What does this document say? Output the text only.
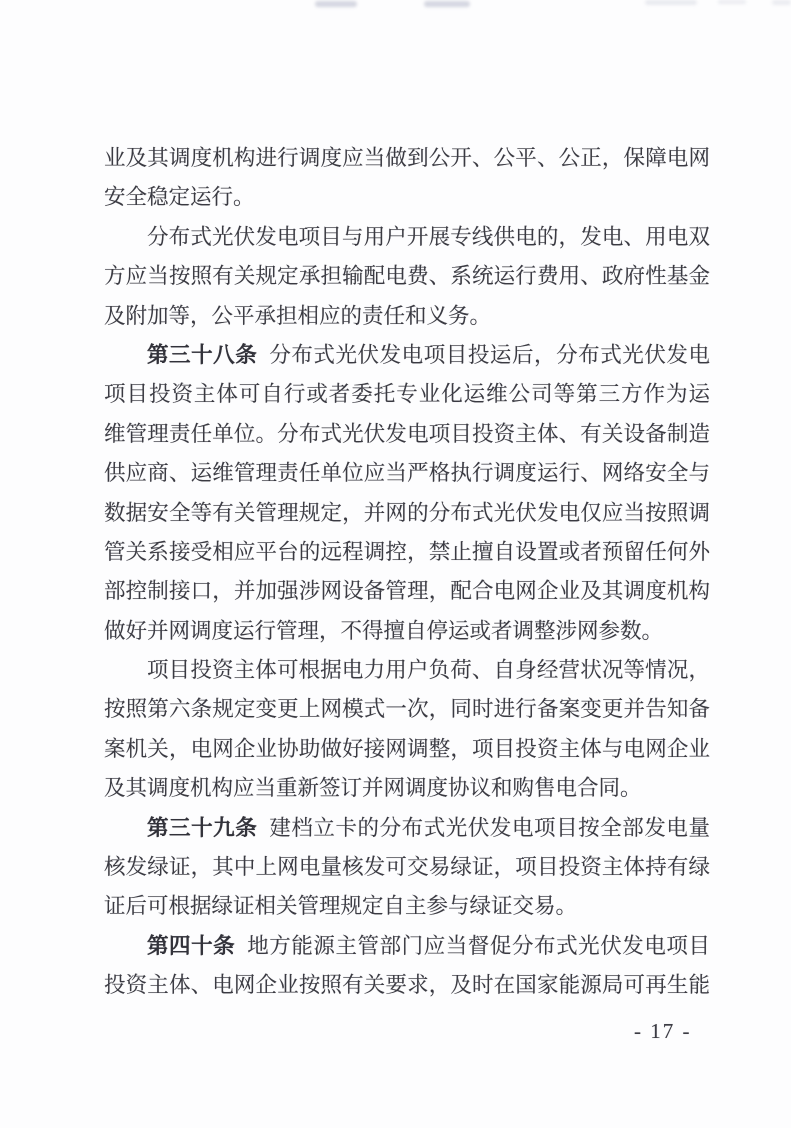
业及其调度机构进行调度应当做到公开、公平、公正，保障电网
安全稳定运行。
分布式光伏发电项目与用户开展专线供电的，发电、用电双
方应当按照有关规定承担输配电费、系统运行费用、政府性基金
及附加等，公平承担相应的责任和义务。
第三十八条 分布式光伏发电项目投运后，分布式光伏发电
项目投资主体可自行或者委托专业化运维公司等第三方作为运
维管理责任单位。分布式光伏发电项目投资主体、有关设备制造
供应商、运维管理责任单位应当严格执行调度运行、网络安全与
数据安全等有关管理规定，并网的分布式光伏发电仅应当按照调
管关系接受相应平台的远程调控，禁止擅自设置或者预留任何外
部控制接口，并加强涉网设备管理，配合电网企业及其调度机构
做好并网调度运行管理，不得擅自停运或者调整涉网参数。
项目投资主体可根据电力用户负荷、自身经营状况等情况，
按照第六条规定变更上网模式一次，同时进行备案变更并告知备
案机关，电网企业协助做好接网调整，项目投资主体与电网企业
及其调度机构应当重新签订并网调度协议和购售电合同。
第三十九条 建档立卡的分布式光伏发电项目按全部发电量
核发绿证，其中上网电量核发可交易绿证，项目投资主体持有绿
证后可根据绿证相关管理规定自主参与绿证交易。
第四十条 地方能源主管部门应当督促分布式光伏发电项目
投资主体、电网企业按照有关要求，及时在国家能源局可再生能
- 17 -
